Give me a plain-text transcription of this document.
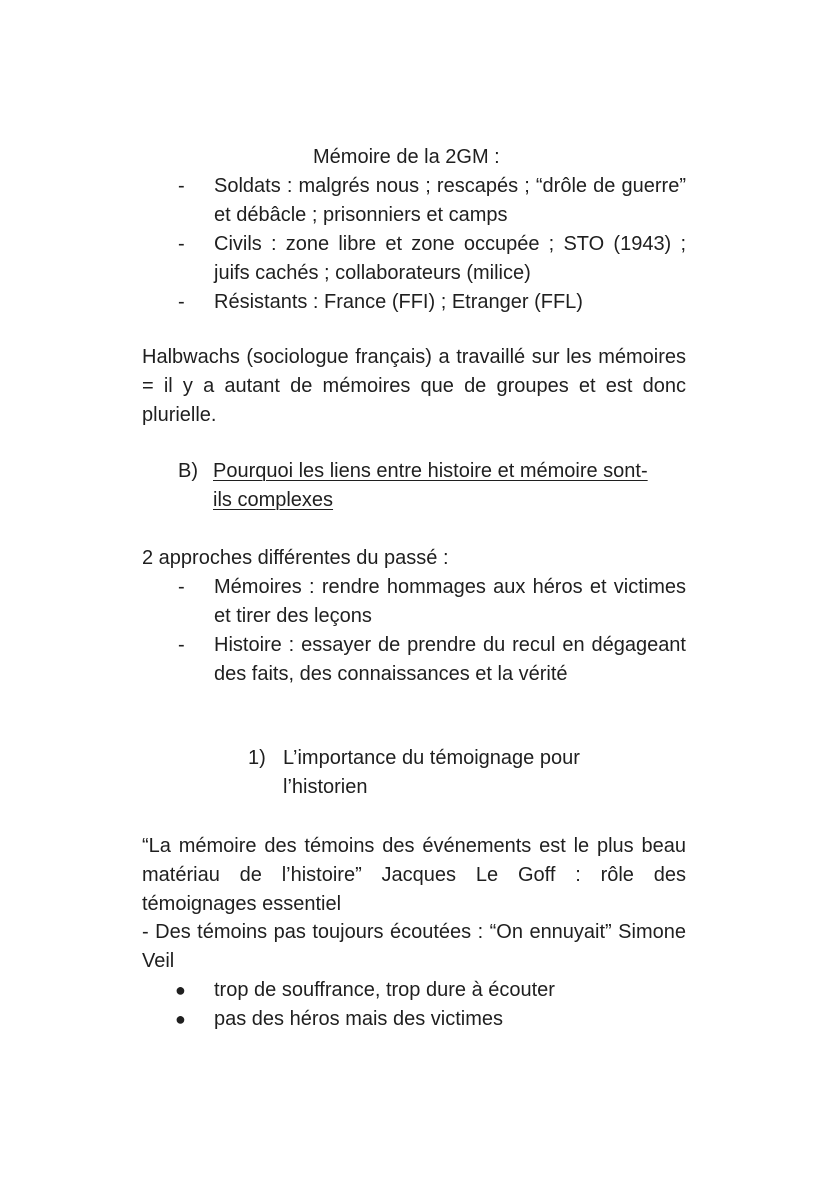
Mémoire de la 2GM :
- Soldats : malgrés nous ; rescapés ; “drôle de guerre” et débâcle ; prisonniers et camps
- Civils : zone libre et zone occupée ; STO (1943) ; juifs cachés ; collaborateurs (milice)
- Résistants : France (FFI) ; Etranger (FFL)

Halbwachs (sociologue français) a travaillé sur les mémoires = il y a autant de mémoires que de groupes et est donc plurielle.

B) Pourquoi les liens entre histoire et mémoire sont-ils complexes

2 approches différentes du passé :

- Mémoires : rendre hommages aux héros et victimes et tirer des leçons
- Histoire : essayer de prendre du recul en dégageant des faits, des connaissances et la vérité
1) L’importance du témoignage pour l’historien

“La mémoire des témoins des événements est le plus beau matériau de l’histoire” Jacques Le Goff : rôle des témoignages essentiel

- Des témoins pas toujours écoutées : “On ennuyait” Simone Veil

● trop de souffrance, trop dure à écouter
● pas des héros mais des victimes
